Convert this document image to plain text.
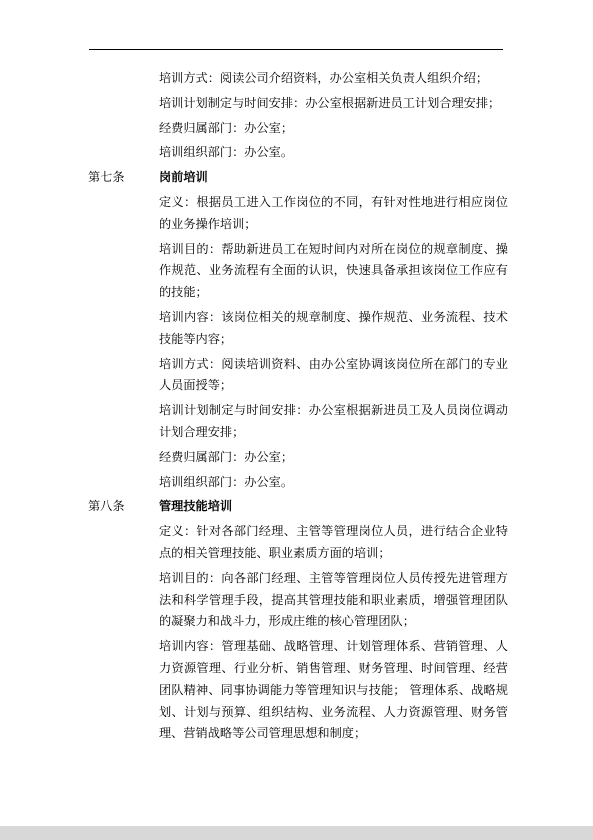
培训方式：阅读公司介绍资料，办公室相关负责人组织介绍；

培训计划制定与时间安排：办公室根据新进员工计划合理安排；

经费归属部门：办公室；

培训组织部门：办公室。

第七条	岗前培训

定义：根据员工进入工作岗位的不同，有针对性地进行相应岗位的业务操作培训；

培训目的：帮助新进员工在短时间内对所在岗位的规章制度、操作规范、业务流程有全面的认识，快速具备承担该岗位工作应有的技能；

培训内容：该岗位相关的规章制度、操作规范、业务流程、技术技能等内容；

培训方式：阅读培训资料、由办公室协调该岗位所在部门的专业人员面授等；

培训计划制定与时间安排：办公室根据新进员工及人员岗位调动计划合理安排；

经费归属部门：办公室；

培训组织部门：办公室。

第八条	管理技能培训

定义：针对各部门经理、主管等管理岗位人员，进行结合企业特点的相关管理技能、职业素质方面的培训；

培训目的：向各部门经理、主管等管理岗位人员传授先进管理方法和科学管理手段，提高其管理技能和职业素质，增强管理团队的凝聚力和战斗力，形成庄维的核心管理团队；

培训内容：管理基础、战略管理、计划管理体系、营销管理、人力资源管理、行业分析、销售管理、财务管理、时间管理、经营团队精神、同事协调能力等管理知识与技能； 管理体系、战略规划、计划与预算、组织结构、业务流程、人力资源管理、财务管理、营销战略等公司管理思想和制度；
